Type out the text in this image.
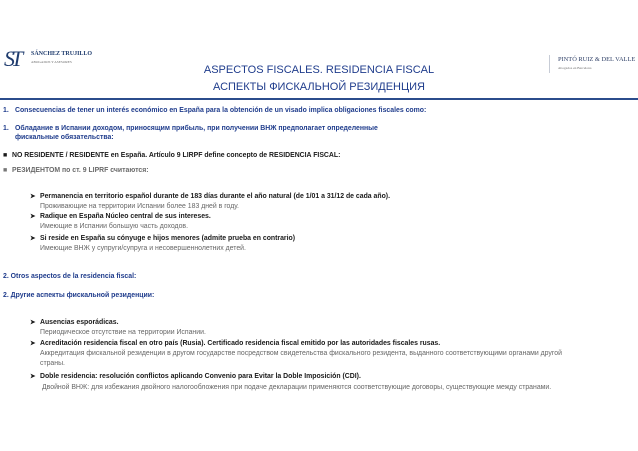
ST	SÁNCHEZ TRUJILLO
ABOGADOS Y ASESORES	PINTÓ RUIZ & DEL VALLE
Abogados en Barcelona
ASPECTOS FISCALES. RESIDENCIA FISCAL
АСПЕКТЫ ФИСКАЛЬНОЙ РЕЗИДЕНЦИЯ
1. Consecuencias de tener un interés económico en España para la obtención de un visado implica obligaciones fiscales como:
1. Обладание в Испании доходом, приносящим прибыль, при получении ВНЖ предполагает определенные
фискальные обязательства:
■ NO RESIDENTE / RESIDENTE en España. Artículo 9 LIRPF define concepto de RESIDENCIA FISCAL:
■ РЕЗИДЕНТОМ по ст. 9 LIPRF считаются:
➤ Permanencia en territorio español durante de 183 días durante el año natural (de 1/01 a 31/12 de cada año).
Проживающие на территории Испании более 183 дней в году.
➤ Radique en España Núcleo central de sus intereses.
Имеющие в Испании большую часть доходов.
➤ Si reside en España su cónyuge e hijos menores (admite prueba en contrario)
Имеющие ВНЖ у супруги/супруга и несовершеннолетних детей.
2. Otros aspectos de la residencia fiscal:
2. Другие аспекты фискальной резиденции:
➤ Ausencias esporádicas.
Периодическое отсутствие на территории Испании.
➤ Acreditación residencia fiscal en otro país (Rusia). Certificado residencia fiscal emitido por las autoridades fiscales rusas.
Аккредитация фискальной резиденции в другом государстве посредством свидетельства фискального резидента, выданного соответствующими органами другой
страны.
➤ Doble residencia: resolución conflictos aplicando Convenio para Evitar la Doble Imposición (CDI).
Двойной ВНЖ: для избежания двойного налогообложения при подаче декларации применяются соответствующие договоры, существующие между странами.
